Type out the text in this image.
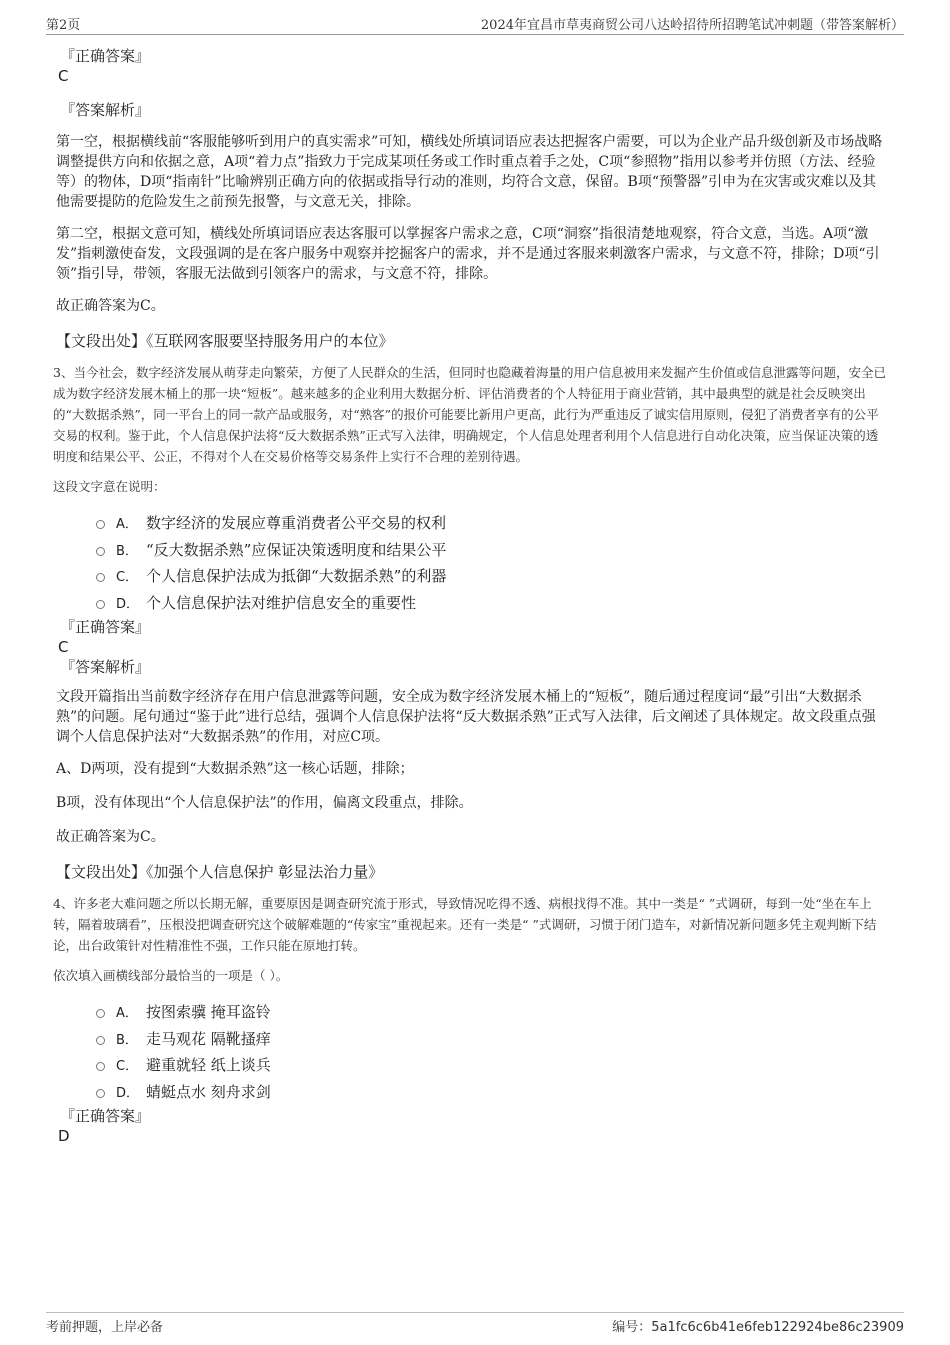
第2页	2024年宜昌市草夷商贸公司八达岭招待所招聘笔试冲刺题（带答案解析）
『正确答案』
C
『答案解析』

第一空，根据横线前“客服能够听到用户的真实需求”可知，横线处所填词语应表达把握客户需要，可以为企业产品升级创新及市场战略调整提供方向和依据之意，A项“着力点”指致力于完成某项任务或工作时重点着手之处，C项“参照物”指用以参考并仿照（方法、经验等）的物体，D项“指南针”比喻辨别正确方向的依据或指导行动的准则，均符合文意，保留。B项“预警器”引申为在灾害或灾难以及其他需要提防的危险发生之前预先报警，与文意无关，排除。

第二空，根据文意可知，横线处所填词语应表达客服可以掌握客户需求之意，C项“洞察”指很清楚地观察，符合文意，当选。A项“激发”指刺激使奋发，文段强调的是在客户服务中观察并挖掘客户的需求，并不是通过客服来刺激客户需求，与文意不符，排除；D项“引领”指引导，带领，客服无法做到引领客户的需求，与文意不符，排除。

故正确答案为C。

【文段出处】《互联网客服要坚持服务用户的本位》

3、当今社会，数字经济发展从萌芽走向繁荣，方便了人民群众的生活，但同时也隐藏着海量的用户信息被用来发掘产生价值或信息泄露等问题，安全已成为数字经济发展木桶上的那一块“短板”。越来越多的企业利用大数据分析、评估消费者的个人特征用于商业营销，其中最典型的就是社会反映突出的“大数据杀熟”，同一平台上的同一款产品或服务，对“熟客”的报价可能要比新用户更高，此行为严重违反了诚实信用原则，侵犯了消费者享有的公平交易的权利。鉴于此，个人信息保护法将“反大数据杀熟”正式写入法律，明确规定，个人信息处理者利用个人信息进行自动化决策，应当保证决策的透明度和结果公平、公正，不得对个人在交易价格等交易条件上实行不合理的差别待遇。

这段文字意在说明：
A． 数字经济的发展应尊重消费者公平交易的权利
B． “反大数据杀熟”应保证决策透明度和结果公平
C． 个人信息保护法成为抵御“大数据杀熟”的利器
D． 个人信息保护法对维护信息安全的重要性
『正确答案』
C
『答案解析』

文段开篇指出当前数字经济存在用户信息泄露等问题，安全成为数字经济发展木桶上的“短板”，随后通过程度词“最”引出“大数据杀熟”的问题。尾句通过“鉴于此”进行总结，强调个人信息保护法将“反大数据杀熟”正式写入法律，后文阐述了具体规定。故文段重点强调个人信息保护法对“大数据杀熟”的作用，对应C项。

A、D两项，没有提到“大数据杀熟”这一核心话题，排除；

B项，没有体现出“个人信息保护法”的作用，偏离文段重点，排除。

故正确答案为C。

【文段出处】《加强个人信息保护 彰显法治力量》

4、许多老大难问题之所以长期无解，重要原因是调查研究流于形式，导致情况吃得不透、病根找得不准。其中一类是“ ”式调研，每到一处“坐在车上转，隔着玻璃看”，压根没把调查研究这个破解难题的“传家宝”重视起来。还有一类是“ ”式调研，习惯于闭门造车，对新情况新问题多凭主观判断下结论，出台政策针对性精准性不强，工作只能在原地打转。

依次填入画横线部分最恰当的一项是（ ）。
A． 按图索骥 掩耳盗铃
B． 走马观花 隔靴搔痒
C． 避重就轻 纸上谈兵
D． 蜻蜓点水 刻舟求剑
『正确答案』
D
考前押题，上岸必备	编号：5a1fc6c6b41e6feb122924be86c23909
